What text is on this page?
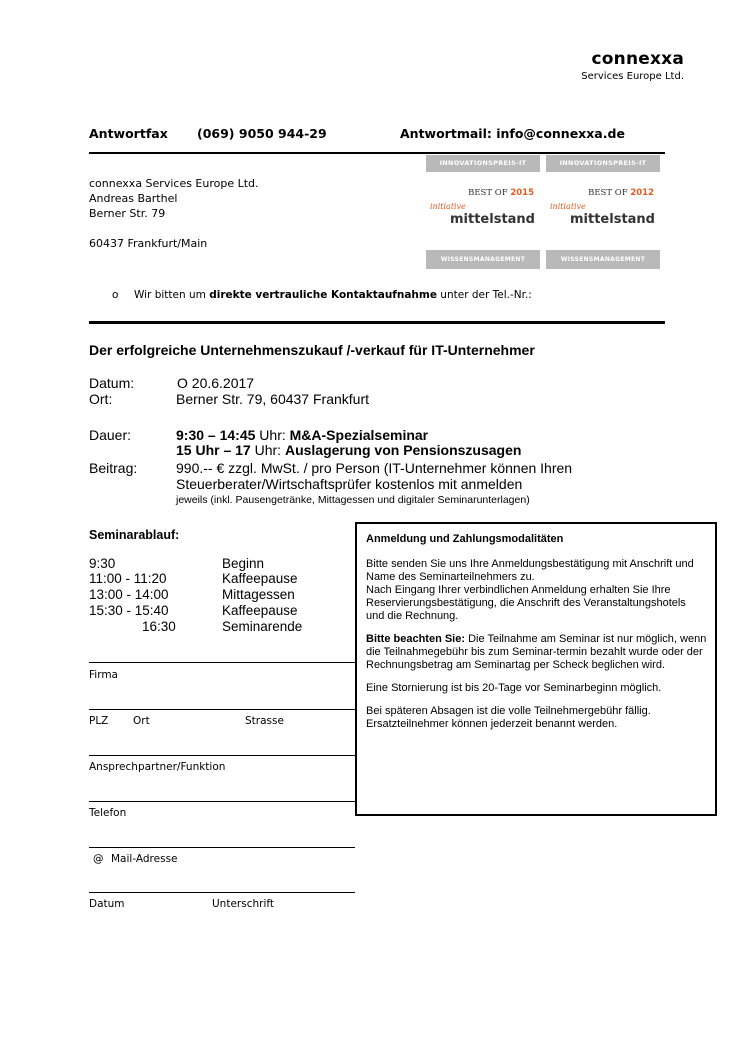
connexxa
Services Europe Ltd.
Antwortfax (069) 9050 944-29	Antwortmail: info@connexxa.de
connexxa Services Europe Ltd.
Andreas Barthel
Berner Str. 79
60437 Frankfurt/Main
INNOVATIONSPREIS-IT
BEST OF 2015
initiative
mittelstand
WISSENSMANAGEMENT
INNOVATIONSPREIS-IT
BEST OF 2012
initiative
mittelstand
WISSENSMANAGEMENT
o Wir bitten um direkte vertrauliche Kontaktaufnahme unter der Tel.-Nr.:
Der erfolgreiche Unternehmenszukauf /-verkauf für IT-Unternehmer
Datum:	O 20.6.2017
Ort:	Berner Str. 79, 60437 Frankfurt
Dauer:	9:30 – 14:45 Uhr: M&A-Spezialseminar
15 Uhr – 17 Uhr: Auslagerung von Pensionszusagen
Beitrag:	990.-- € zzgl. MwSt. / pro Person (IT-Unternehmer können Ihren
Steuerberater/Wirtschaftsprüfer kostenlos mit anmelden
jeweils (inkl. Pausengetränke, Mittagessen und digitaler Seminarunterlagen)
Seminarablauf:
9:30	Beginn
11:00 - 11:20	Kaffeepause
13:00 - 14:00	Mittagessen
15:30 - 15:40	Kaffeepause
16:30	Seminarende

Anmeldung und Zahlungsmodalitäten

Bitte senden Sie uns Ihre Anmeldungsbestätigung mit Anschrift und Name des Seminarteilnehmers zu.

Nach Eingang Ihrer verbindlichen Anmeldung erhalten Sie Ihre Reservierungsbestätigung, die Anschrift des Veranstaltungshotels und die Rechnung.

Bitte beachten Sie: Die Teilnahme am Seminar ist nur möglich, wenn die Teilnahmegebühr bis zum Seminar-termin bezahlt wurde oder der Rechnungsbetrag am Seminartag per Scheck beglichen wird.

Eine Stornierung ist bis 20-Tage vor Seminarbeginn möglich.

Bei späteren Absagen ist die volle Teilnehmergebühr fällig. Ersatzteilnehmer können jederzeit benannt werden.

Firma
PLZ Ort	Strasse
Ansprechpartner/Funktion
Telefon
@ Mail-Adresse
Datum	Unterschrift
